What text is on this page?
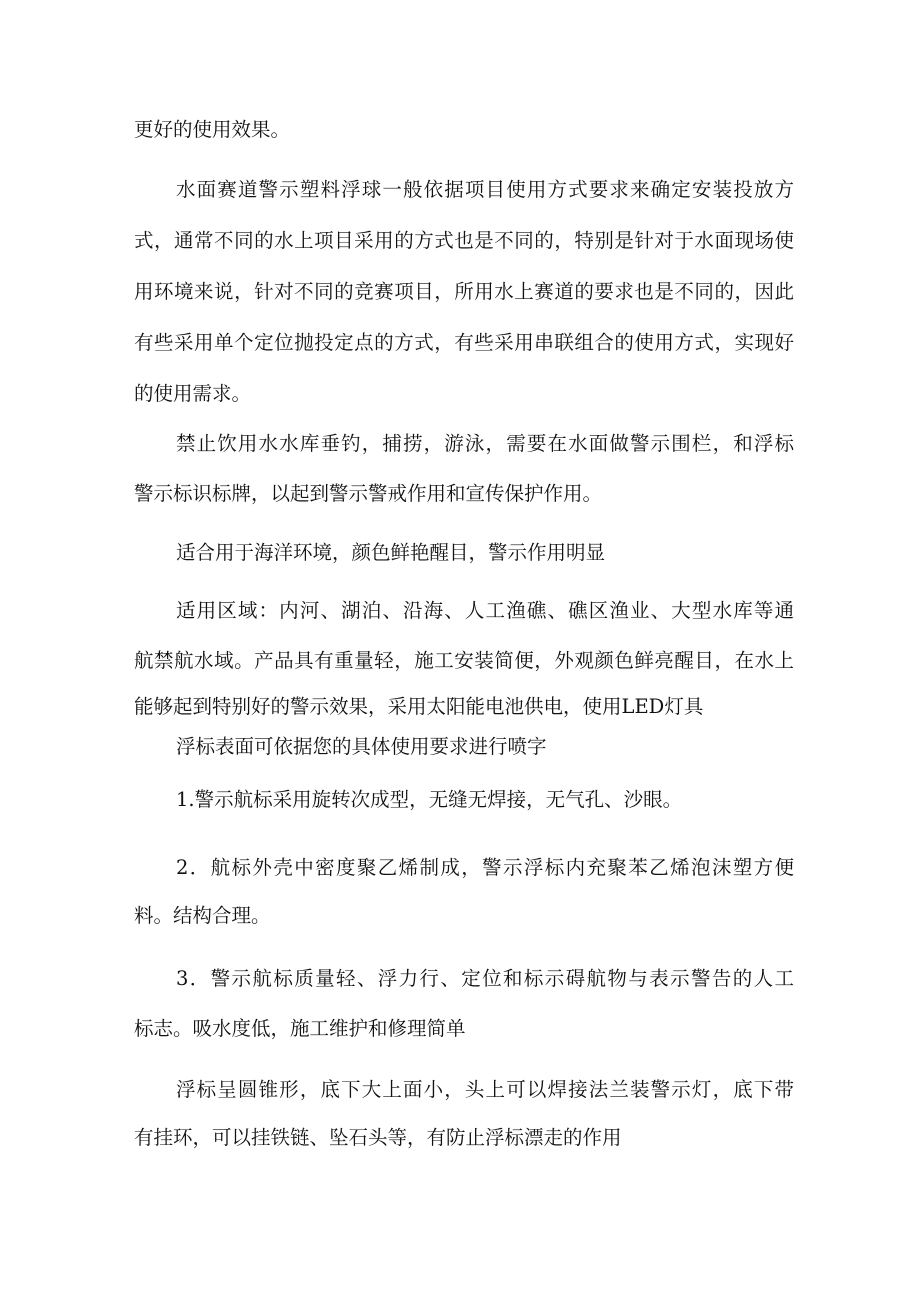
更好的使用效果。
水面赛道警示塑料浮球一般依据项目使用方式要求来确定安装投放方
式，通常不同的水上项目采用的方式也是不同的，特别是针对于水面现场使
用环境来说，针对不同的竞赛项目，所用水上赛道的要求也是不同的，因此
有些采用单个定位抛投定点的方式，有些采用串联组合的使用方式，实现好
的使用需求。
禁止饮用水水库垂钓，捕捞，游泳，需要在水面做警示围栏，和浮标
警示标识标牌，以起到警示警戒作用和宣传保护作用。
适合用于海洋环境，颜色鲜艳醒目，警示作用明显
适用区域：内河、湖泊、沿海、人工渔礁、礁区渔业、大型水库等通
航禁航水域。产品具有重量轻，施工安装简便，外观颜色鲜亮醒目，在水上
能够起到特别好的警示效果，采用太阳能电池供电，使用LED灯具
浮标表面可依据您的具体使用要求进行喷字
1.警示航标采用旋转次成型，无缝无焊接，无气孔、沙眼。
2．航标外壳中密度聚乙烯制成，警示浮标内充聚苯乙烯泡沫塑方便
料。结构合理。
3．警示航标质量轻、浮力行、定位和标示碍航物与表示警告的人工
标志。吸水度低，施工维护和修理简单
浮标呈圆锥形，底下大上面小，头上可以焊接法兰装警示灯，底下带
有挂环，可以挂铁链、坠石头等，有防止浮标漂走的作用
